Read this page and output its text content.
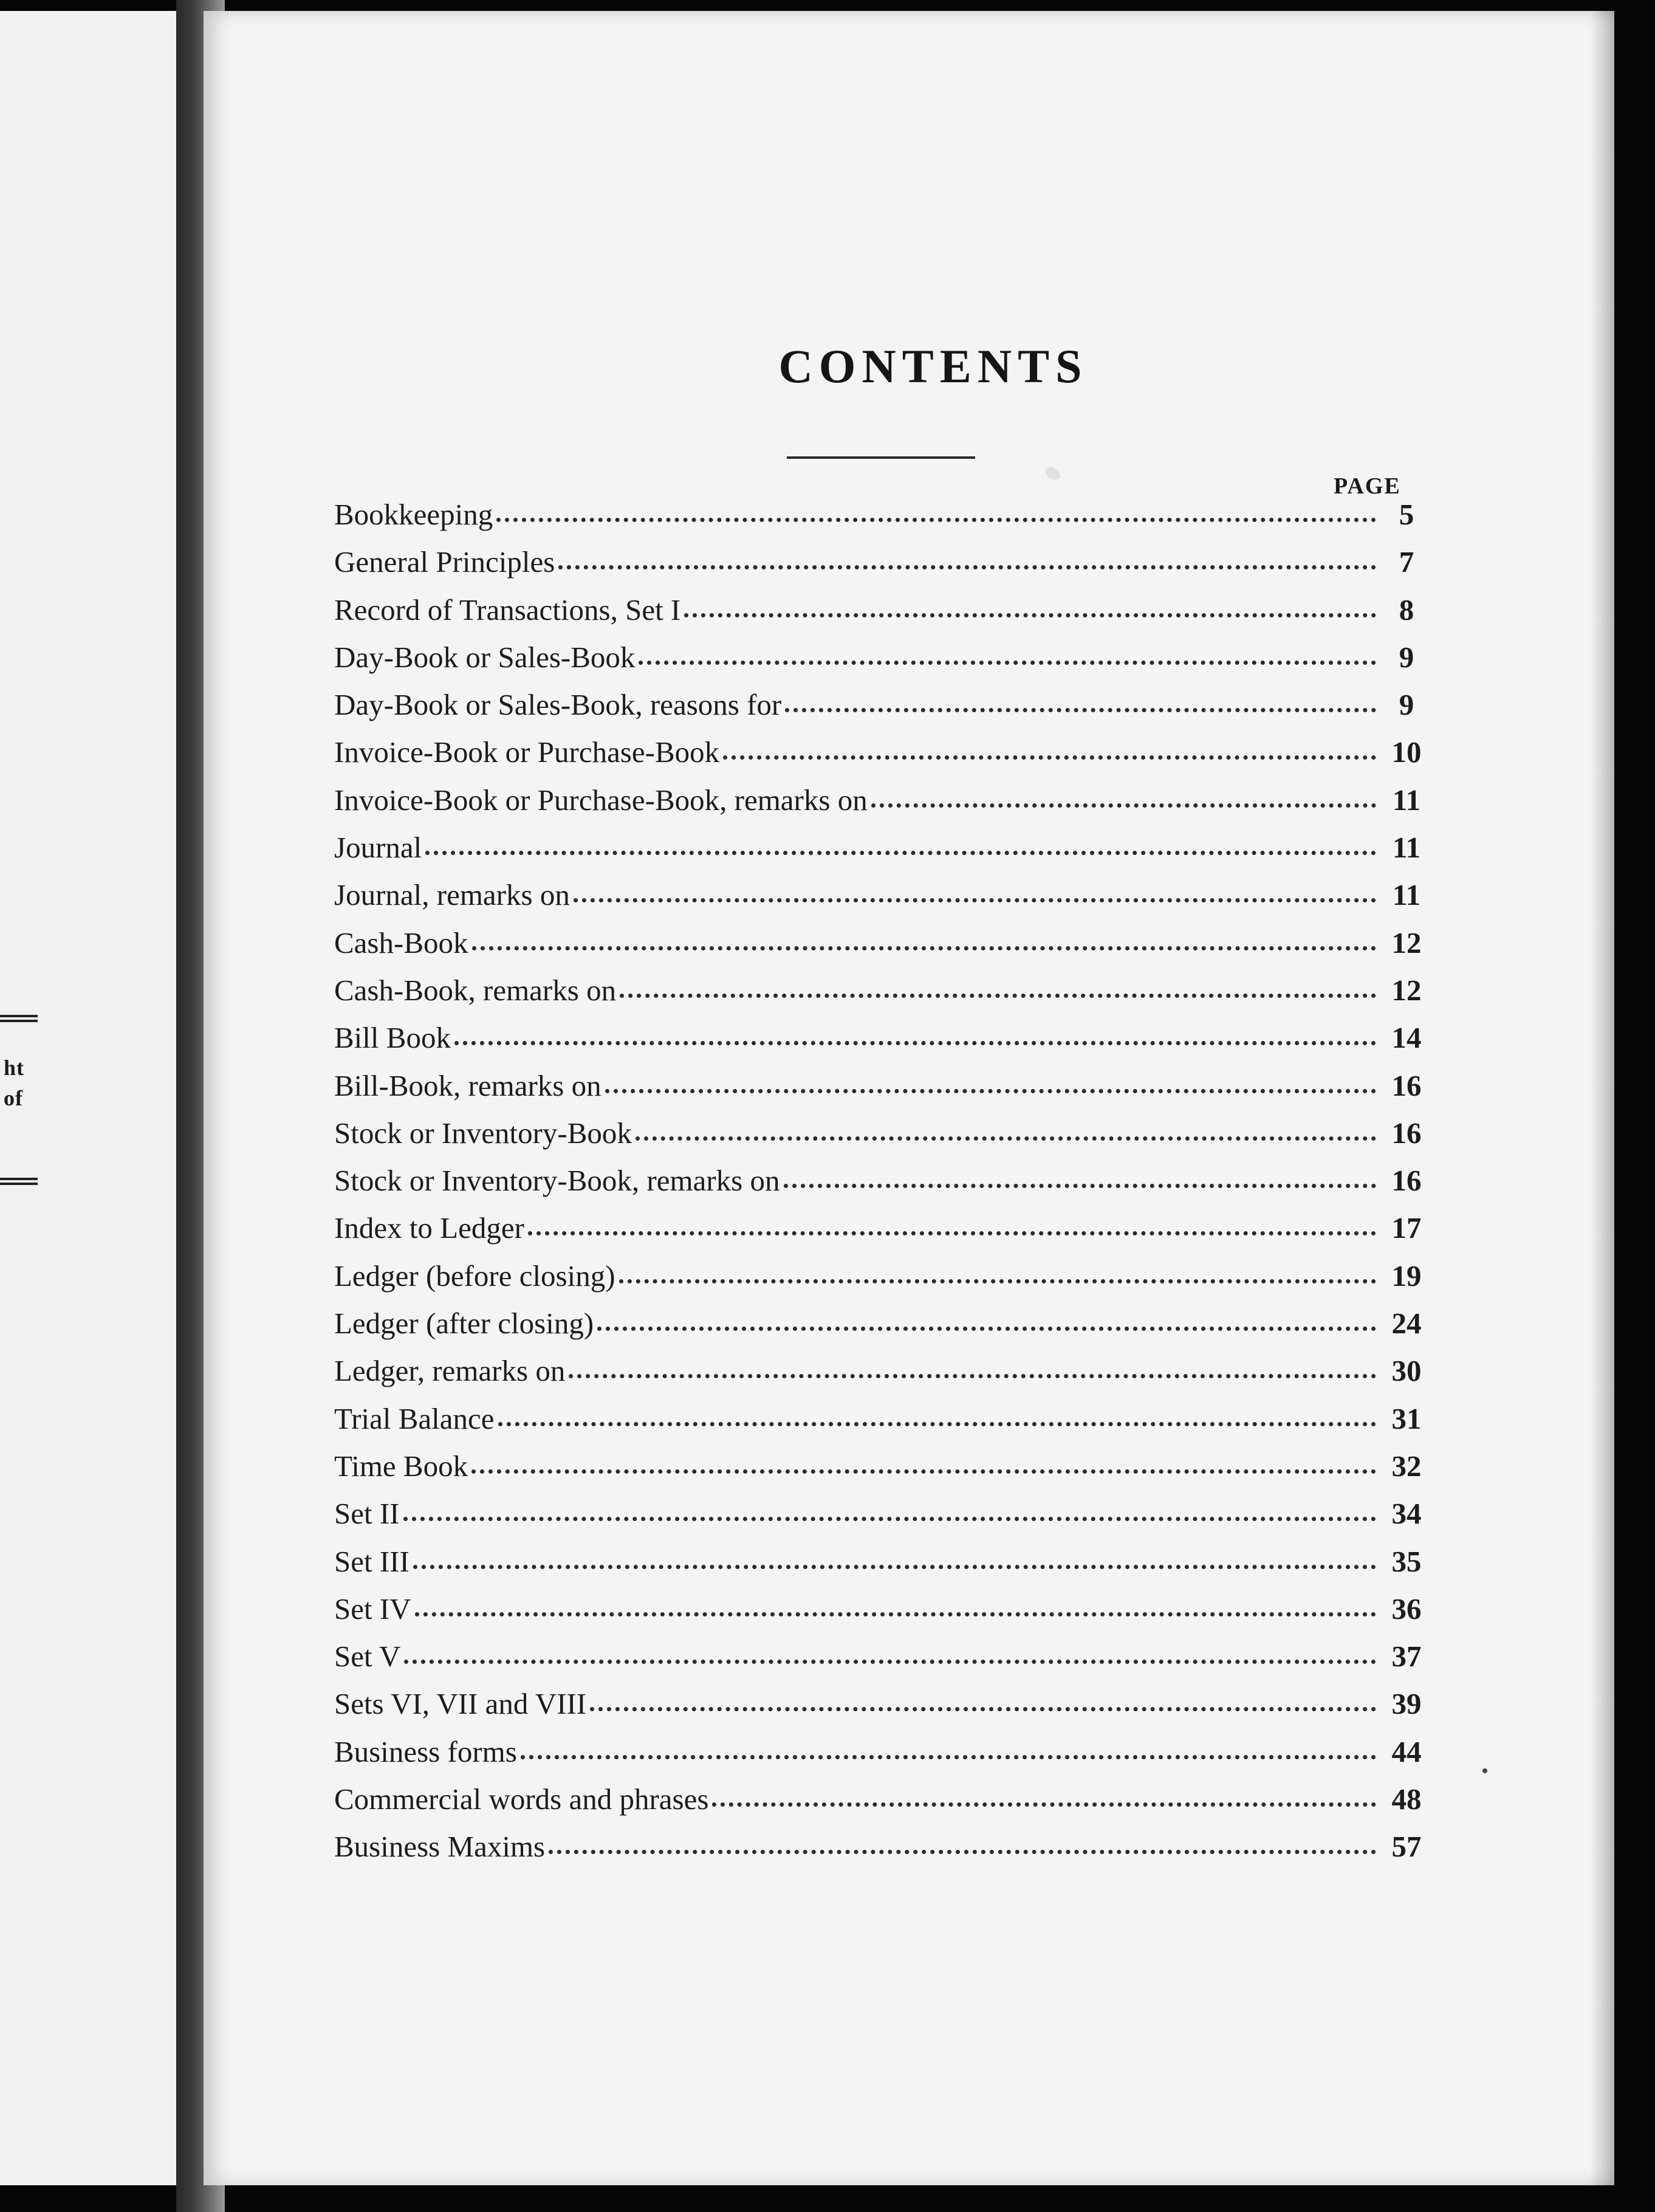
ht
of
CONTENTS
PAGE
Bookkeeping	5
General Principles	7
Record of Transactions, Set I	8
Day-Book or Sales-Book	9
Day-Book or Sales-Book, reasons for	9
Invoice-Book or Purchase-Book	10
Invoice-Book or Purchase-Book, remarks on	11
Journal	11
Journal, remarks on	11
Cash-Book	12
Cash-Book, remarks on	12
Bill Book	14
Bill-Book, remarks on	16
Stock or Inventory-Book	16
Stock or Inventory-Book, remarks on	16
Index to Ledger	17
Ledger (before closing)	19
Ledger (after closing)	24
Ledger, remarks on	30
Trial Balance	31
Time Book	32
Set II	34
Set III	35
Set IV	36
Set V	37
Sets VI, VII and VIII	39
Business forms	44
Commercial words and phrases	48
Business Maxims	57
